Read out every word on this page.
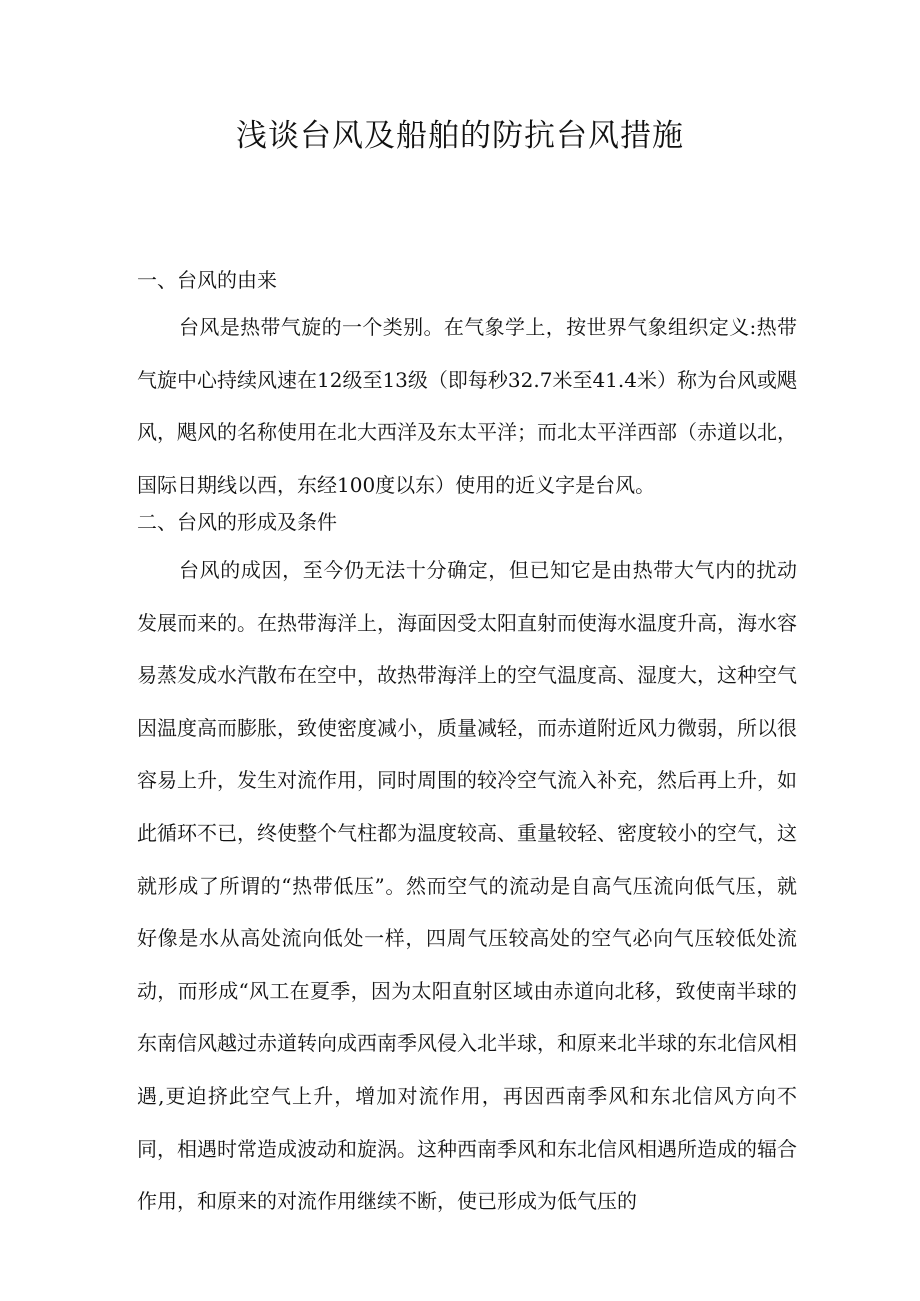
浅谈台风及船舶的防抗台风措施
一、台风的由来

台风是热带气旋的一个类别。在气象学上，按世界气象组织定义:热带气旋中心持续风速在12级至13级（即每秒32.7米至41.4米）称为台风或飓风，飓风的名称使用在北大西洋及东太平洋；而北太平洋西部（赤道以北，国际日期线以西，东经100度以东）使用的近义字是台风。

二、台风的形成及条件

台风的成因，至今仍无法十分确定，但已知它是由热带大气内的扰动发展而来的。在热带海洋上，海面因受太阳直射而使海水温度升高，海水容易蒸发成水汽散布在空中，故热带海洋上的空气温度高、湿度大，这种空气因温度高而膨胀，致使密度减小，质量减轻，而赤道附近风力微弱，所以很容易上升，发生对流作用，同时周围的较冷空气流入补充，然后再上升，如此循环不已，终使整个气柱都为温度较高、重量较轻、密度较小的空气，这就形成了所谓的“热带低压”。然而空气的流动是自高气压流向低气压，就好像是水从高处流向低处一样，四周气压较高处的空气必向气压较低处流动，而形成“风工在夏季，因为太阳直射区域由赤道向北移，致使南半球的东南信风越过赤道转向成西南季风侵入北半球，和原来北半球的东北信风相遇,更迫挤此空气上升，增加对流作用，再因西南季风和东北信风方向不同，相遇时常造成波动和旋涡。这种西南季风和东北信风相遇所造成的辐合作用，和原来的对流作用继续不断，使已形成为低气压的
